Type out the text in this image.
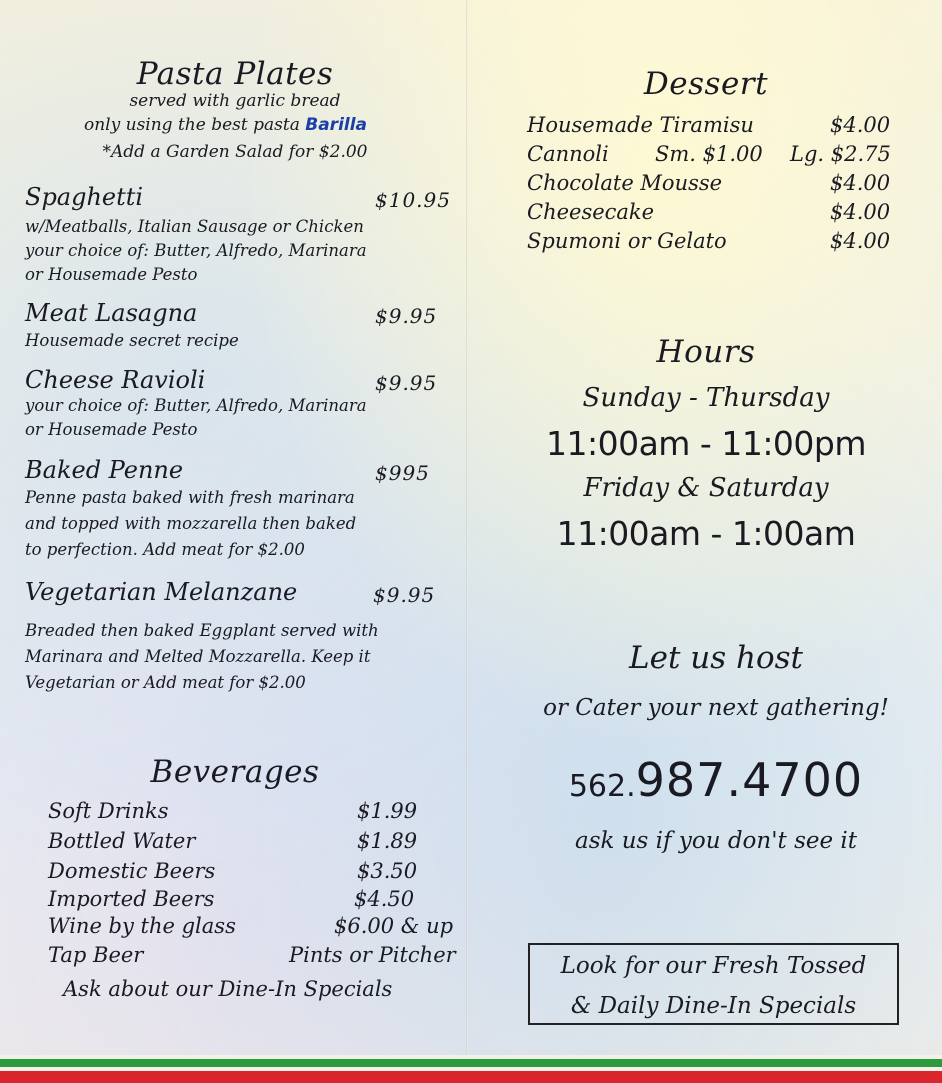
Pasta Plates
served with garlic bread
only using the best pasta Barilla
*Add a Garden Salad for $2.00
Spaghetti	$10.95
w/Meatballs, Italian Sausage or Chicken
your choice of: Butter, Alfredo, Marinara
or Housemade Pesto
Meat Lasagna	$9.95
Housemade secret recipe
Cheese Ravioli	$9.95
your choice of: Butter, Alfredo, Marinara
or Housemade Pesto
Baked Penne	$995
Penne pasta baked with fresh marinara
and topped with mozzarella then baked
to perfection. Add meat for $2.00
Vegetarian Melanzane	$9.95
Breaded then baked Eggplant served with
Marinara and Melted Mozzarella. Keep it
Vegetarian or Add meat for $2.00
Beverages
Soft Drinks	$1.99
Bottled Water	$1.89
Domestic Beers	$3.50
Imported Beers	$4.50
Wine by the glass	$6.00 & up
Tap Beer	Pints or Pitcher
Ask about our Dine-In Specials
Dessert
Housemade Tiramisu	$4.00
Cannoli Sm. $1.00 Lg. $2.75
Chocolate Mousse	$4.00
Cheesecake	$4.00
Spumoni or Gelato	$4.00
Hours
Sunday - Thursday
11:00am - 11:00pm
Friday & Saturday
11:00am - 1:00am
Let us host
or Cater your next gathering!
562.987.4700
ask us if you don't see it
Look for our Fresh Tossed
& Daily Dine-In Specials
